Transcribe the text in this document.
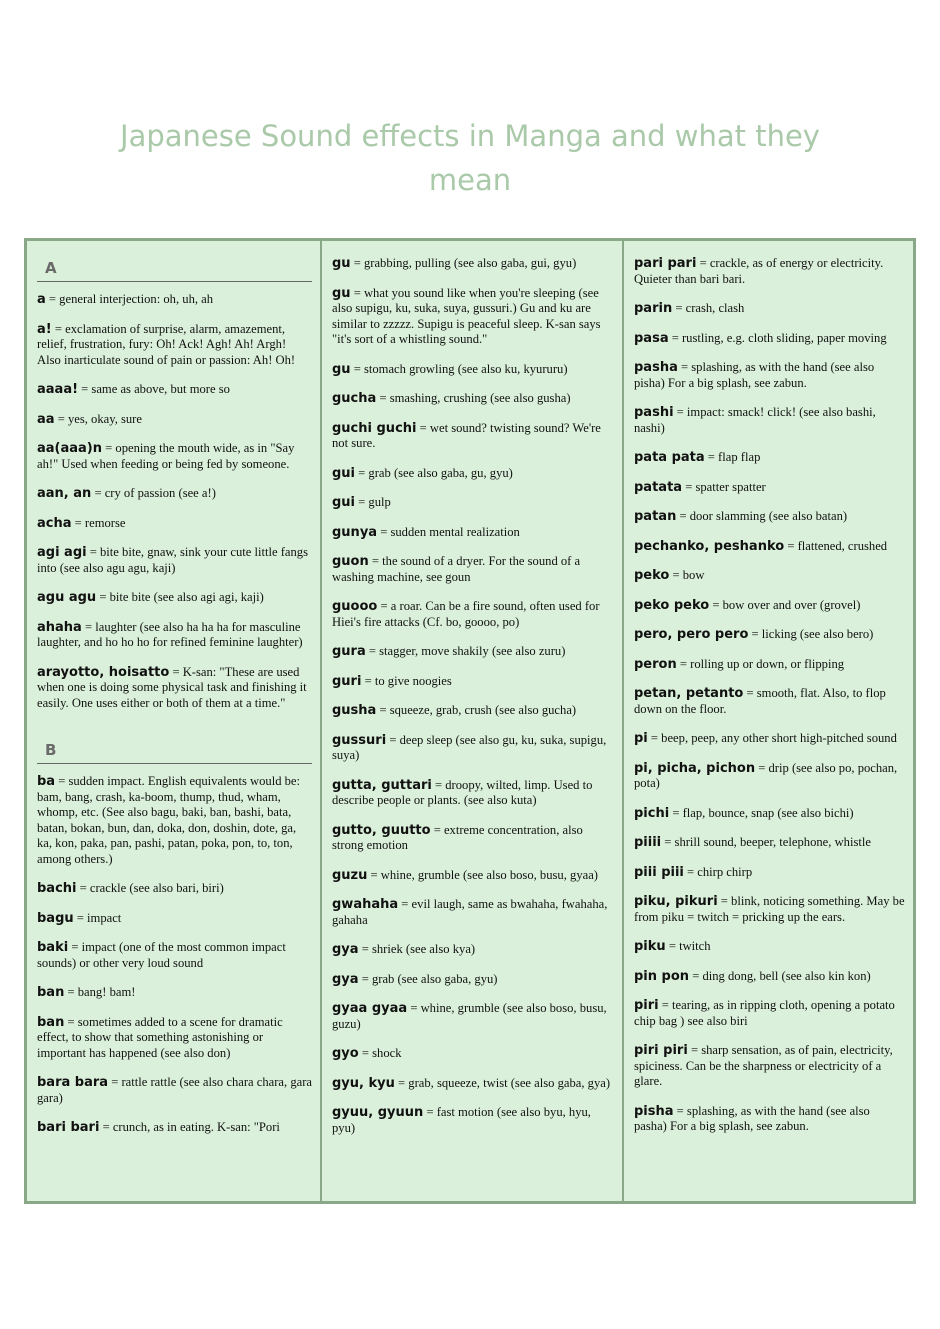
Japanese Sound effects in Manga and what they mean
A

a = general interjection: oh, uh, ah

a! = exclamation of surprise, alarm, amazement, relief, frustration, fury: Oh! Ack! Agh! Ah! Argh! Also inarticulate sound of pain or passion: Ah! Oh!

aaaa! = same as above, but more so

aa = yes, okay, sure

aa(aaa)n = opening the mouth wide, as in "Say ah!" Used when feeding or being fed by someone.

aan, an = cry of passion (see a!)

acha = remorse

agi agi = bite bite, gnaw, sink your cute little fangs into (see also agu agu, kaji)

agu agu = bite bite (see also agi agi, kaji)

ahaha = laughter (see also ha ha ha for masculine laughter, and ho ho ho for refined feminine laughter)

arayotto, hoisatto = K-san: "These are used when one is doing some physical task and finishing it easily. One uses either or both of them at a time."

B

ba = sudden impact. English equivalents would be: bam, bang, crash, ka-boom, thump, thud, wham, whomp, etc. (See also bagu, baki, ban, bashi, bata, batan, bokan, bun, dan, doka, don, doshin, dote, ga, ka, kon, paka, pan, pashi, patan, poka, pon, to, ton, among others.)

bachi = crackle (see also bari, biri)

bagu = impact

baki = impact (one of the most common impact sounds) or other very loud sound

ban = bang! bam!

ban = sometimes added to a scene for dramatic effect, to show that something astonishing or important has happened (see also don)

bara bara = rattle rattle (see also chara chara, gara gara)

bari bari = crunch, as in eating. K-san: "Pori

gu = grabbing, pulling (see also gaba, gui, gyu)

gu = what you sound like when you're sleeping (see also supigu, ku, suka, suya, gussuri.) Gu and ku are similar to zzzzz. Supigu is peaceful sleep. K-san says "it's sort of a whistling sound."

gu = stomach growling (see also ku, kyururu)

gucha = smashing, crushing (see also gusha)

guchi guchi = wet sound? twisting sound? We're not sure.

gui = grab (see also gaba, gu, gyu)

gui = gulp

gunya = sudden mental realization

guon = the sound of a dryer. For the sound of a washing machine, see goun

guooo = a roar. Can be a fire sound, often used for Hiei's fire attacks (Cf. bo, goooo, po)

gura = stagger, move shakily (see also zuru)

guri = to give noogies

gusha = squeeze, grab, crush (see also gucha)

gussuri = deep sleep (see also gu, ku, suka, supigu, suya)

gutta, guttari = droopy, wilted, limp. Used to describe people or plants. (see also kuta)

gutto, guutto = extreme concentration, also strong emotion

guzu = whine, grumble (see also boso, busu, gyaa)

gwahaha = evil laugh, same as bwahaha, fwahaha, gahaha

gya = shriek (see also kya)

gya = grab (see also gaba, gyu)

gyaa gyaa = whine, grumble (see also boso, busu, guzu)

gyo = shock

gyu, kyu = grab, squeeze, twist (see also gaba, gya)

gyuu, gyuun = fast motion (see also byu, hyu, pyu)

pari pari = crackle, as of energy or electricity. Quieter than bari bari.

parin = crash, clash

pasa = rustling, e.g. cloth sliding, paper moving

pasha = splashing, as with the hand (see also pisha) For a big splash, see zabun.

pashi = impact: smack! click! (see also bashi, nashi)

pata pata = flap flap

patata = spatter spatter

patan = door slamming (see also batan)

pechanko, peshanko = flattened, crushed

peko = bow

peko peko = bow over and over (grovel)

pero, pero pero = licking (see also bero)

peron = rolling up or down, or flipping

petan, petanto = smooth, flat. Also, to flop down on the floor.

pi = beep, peep, any other short high-pitched sound

pi, picha, pichon = drip (see also po, pochan, pota)

pichi = flap, bounce, snap (see also bichi)

piiii = shrill sound, beeper, telephone, whistle

piii piii = chirp chirp

piku, pikuri = blink, noticing something. May be from piku = twitch = pricking up the ears.

piku = twitch

pin pon = ding dong, bell (see also kin kon)

piri = tearing, as in ripping cloth, opening a potato chip bag ) see also biri

piri piri = sharp sensation, as of pain, electricity, spiciness. Can be the sharpness or electricity of a glare.

pisha = splashing, as with the hand (see also pasha) For a big splash, see zabun.
